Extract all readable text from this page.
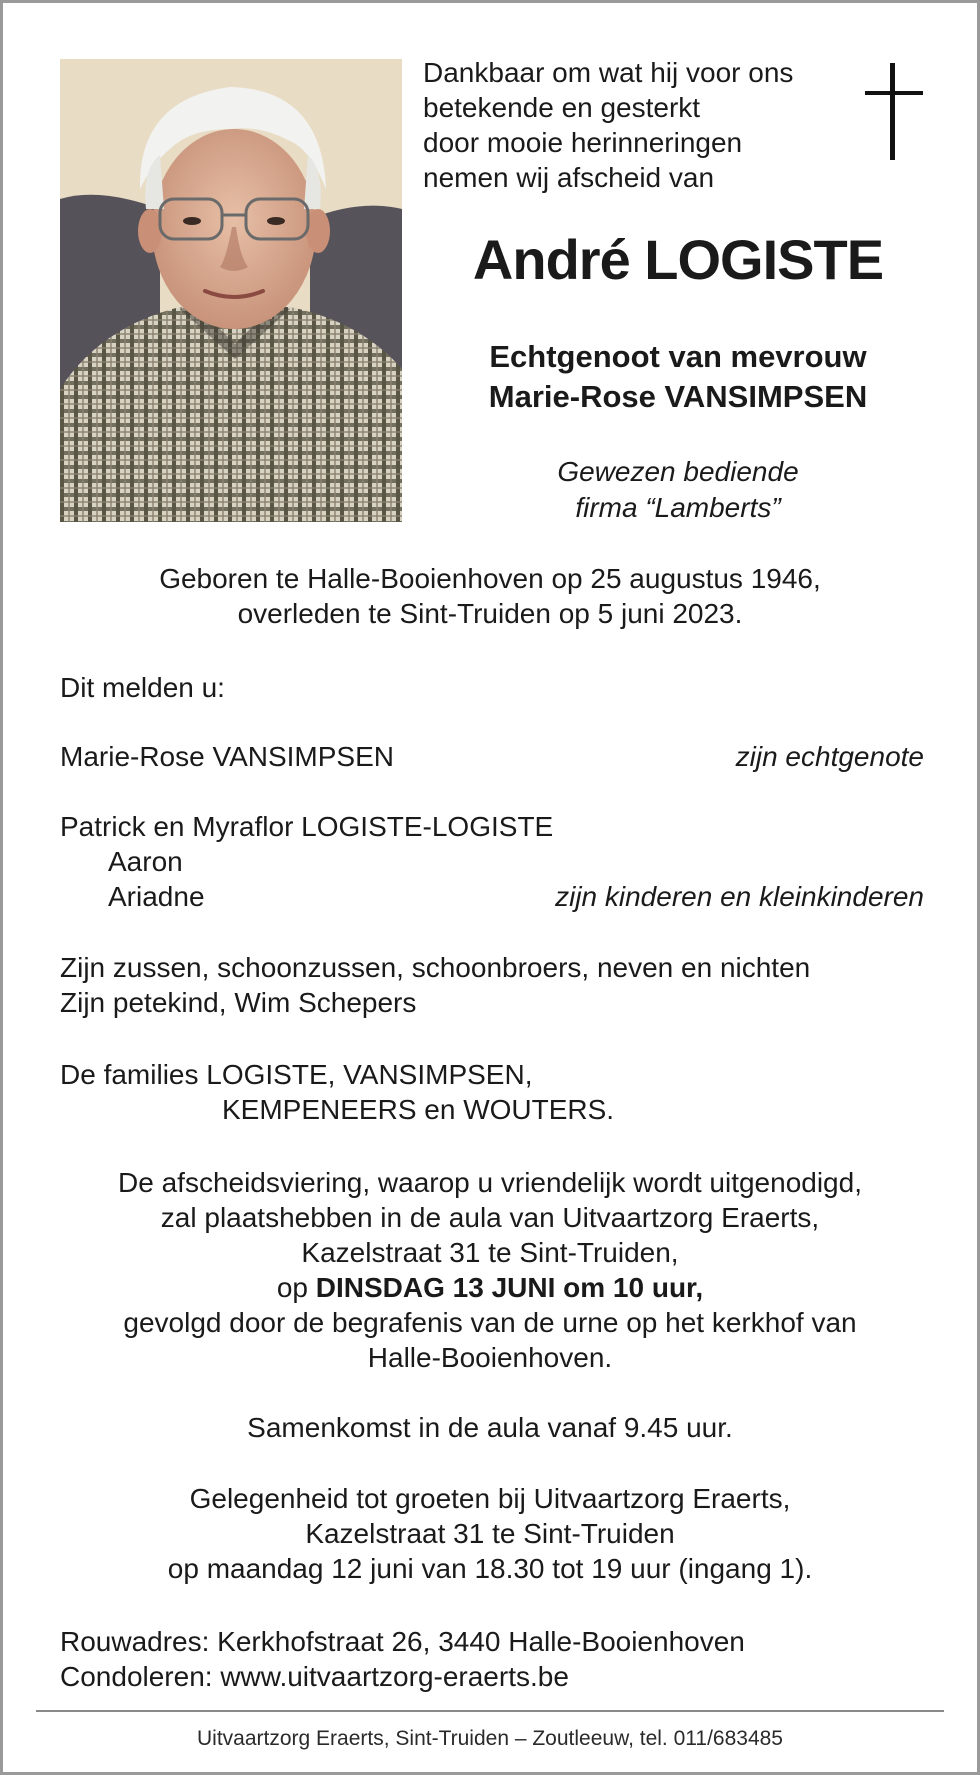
Dankbaar om wat hij voor ons
betekende en gesterkt
door mooie herinneringen
nemen wij afscheid van
André LOGISTE
Echtgenoot van mevrouw
Marie-Rose VANSIMPSEN
Gewezen bediende
firma “Lamberts”
Geboren te Halle-Booienhoven op 25 augustus 1946,
overleden te Sint-Truiden op 5 juni 2023.
Dit melden u:
Marie-Rose VANSIMPSEN	zijn echtgenote
Patrick en Myraflor LOGISTE-LOGISTE
Aaron
Ariadne	zijn kinderen en kleinkinderen
Zijn zussen, schoonzussen, schoonbroers, neven en nichten
Zijn petekind, Wim Schepers
De families LOGISTE, VANSIMPSEN,
KEMPENEERS en WOUTERS.
De afscheidsviering, waarop u vriendelijk wordt uitgenodigd,
zal plaatshebben in de aula van Uitvaartzorg Eraerts,
Kazelstraat 31 te Sint-Truiden,
op DINSDAG 13 JUNI om 10 uur,
gevolgd door de begrafenis van de urne op het kerkhof van
Halle-Booienhoven.
Samenkomst in de aula vanaf 9.45 uur.
Gelegenheid tot groeten bij Uitvaartzorg Eraerts,
Kazelstraat 31 te Sint-Truiden
op maandag 12 juni van 18.30 tot 19 uur (ingang 1).
Rouwadres: Kerkhofstraat 26, 3440 Halle-Booienhoven
Condoleren: www.uitvaartzorg-eraerts.be
Uitvaartzorg Eraerts, Sint-Truiden – Zoutleeuw, tel. 011/683485
